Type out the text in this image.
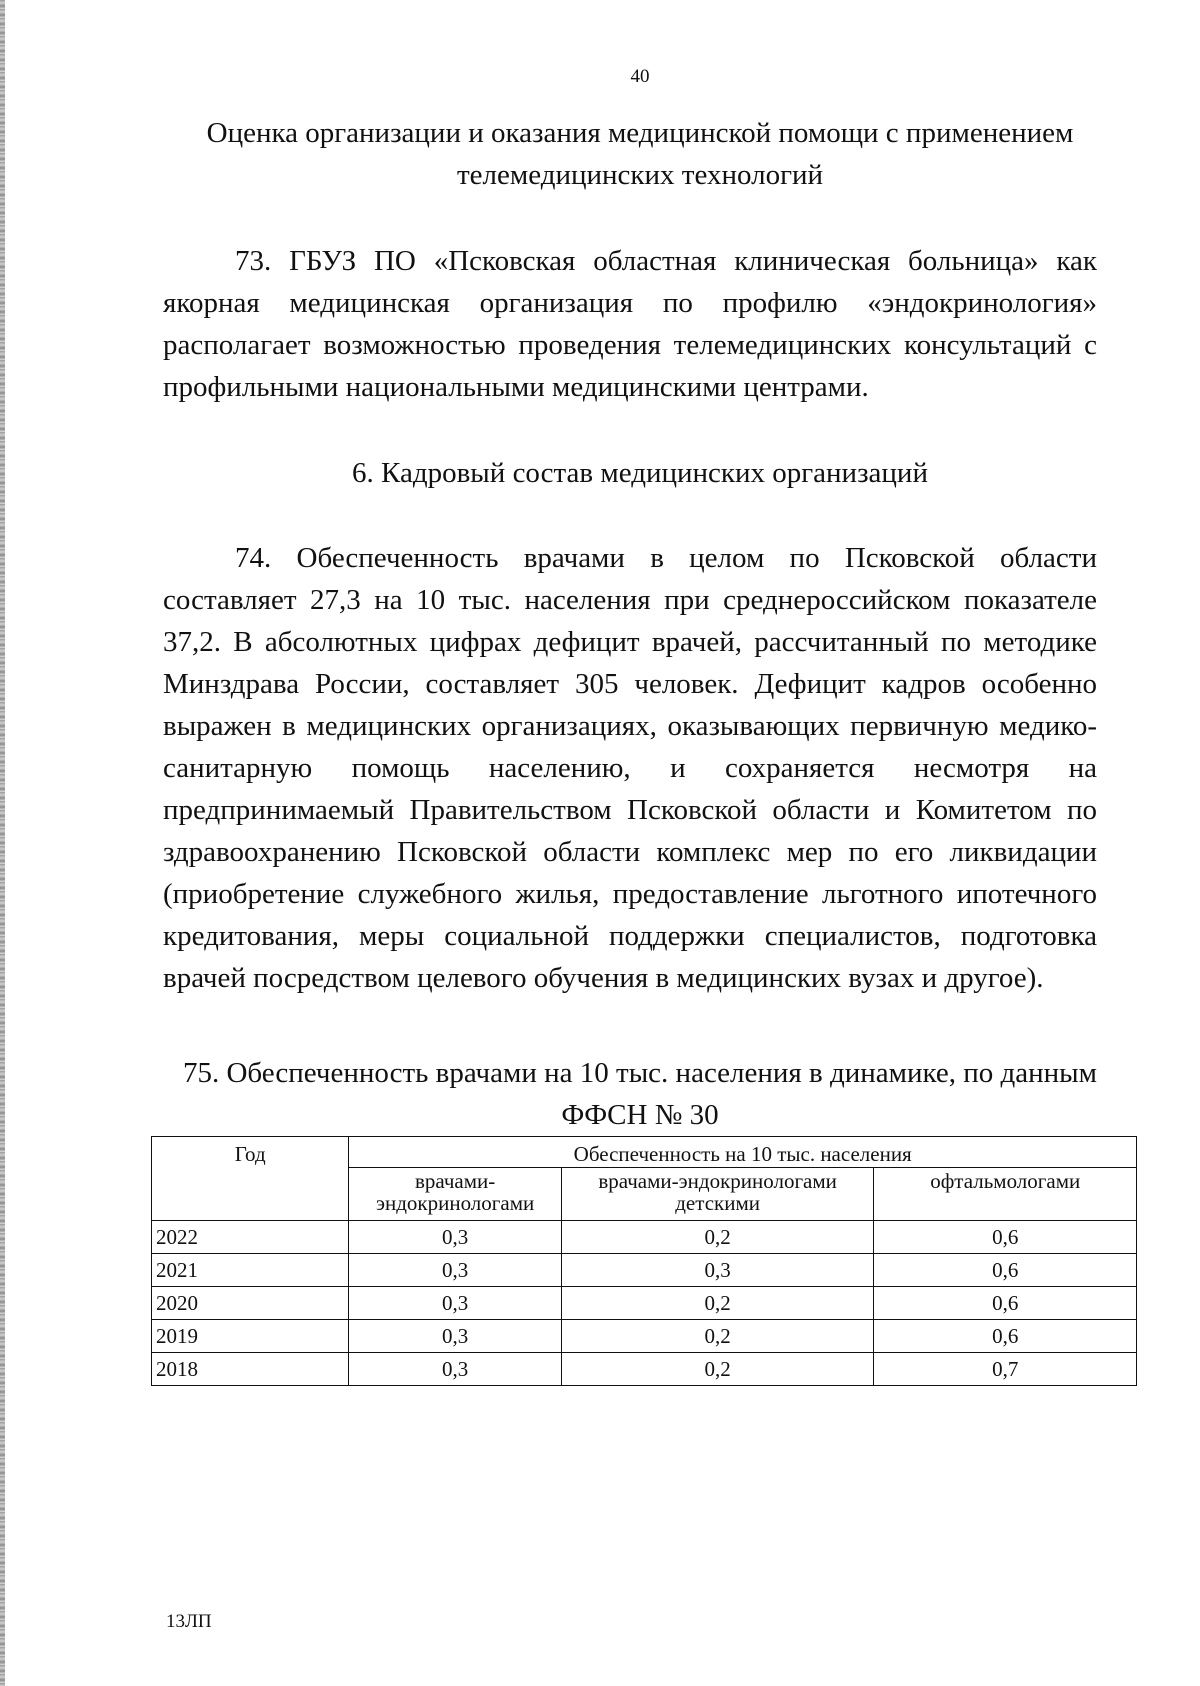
40
Оценка организации и оказания медицинской помощи с применением телемедицинских технологий
73. ГБУЗ ПО «Псковская областная клиническая больница» как якорная медицинская организация по профилю «эндокринология» располагает возможностью проведения телемедицинских консультаций с профильными национальными медицинскими центрами.
6. Кадровый состав медицинских организаций
74. Обеспеченность врачами в целом по Псковской области составляет 27,3 на 10 тыс. населения при среднероссийском показателе 37,2. В абсолютных цифрах дефицит врачей, рассчитанный по методике Минздрава России, составляет 305 человек. Дефицит кадров особенно выражен в медицинских организациях, оказывающих первичную медико-санитарную помощь населению, и сохраняется несмотря на предпринимаемый Правительством Псковской области и Комитетом по здравоохранению Псковской области комплекс мер по его ликвидации (приобретение служебного жилья, предоставление льготного ипотечного кредитования, меры социальной поддержки специалистов, подготовка врачей посредством целевого обучения в медицинских вузах и другое).
75. Обеспеченность врачами на 10 тыс. населения в динамике, по данным
ФФСН № 30
Год	Обеспеченность на 10 тыс. населения		
	врачами-эндокринологами	врачами-эндокринологами детскими	офтальмологами
2022	0,3	0,2	0,6
2021	0,3	0,3	0,6
2020	0,3	0,2	0,6
2019	0,3	0,2	0,6
2018	0,3	0,2	0,7
13ЛП
